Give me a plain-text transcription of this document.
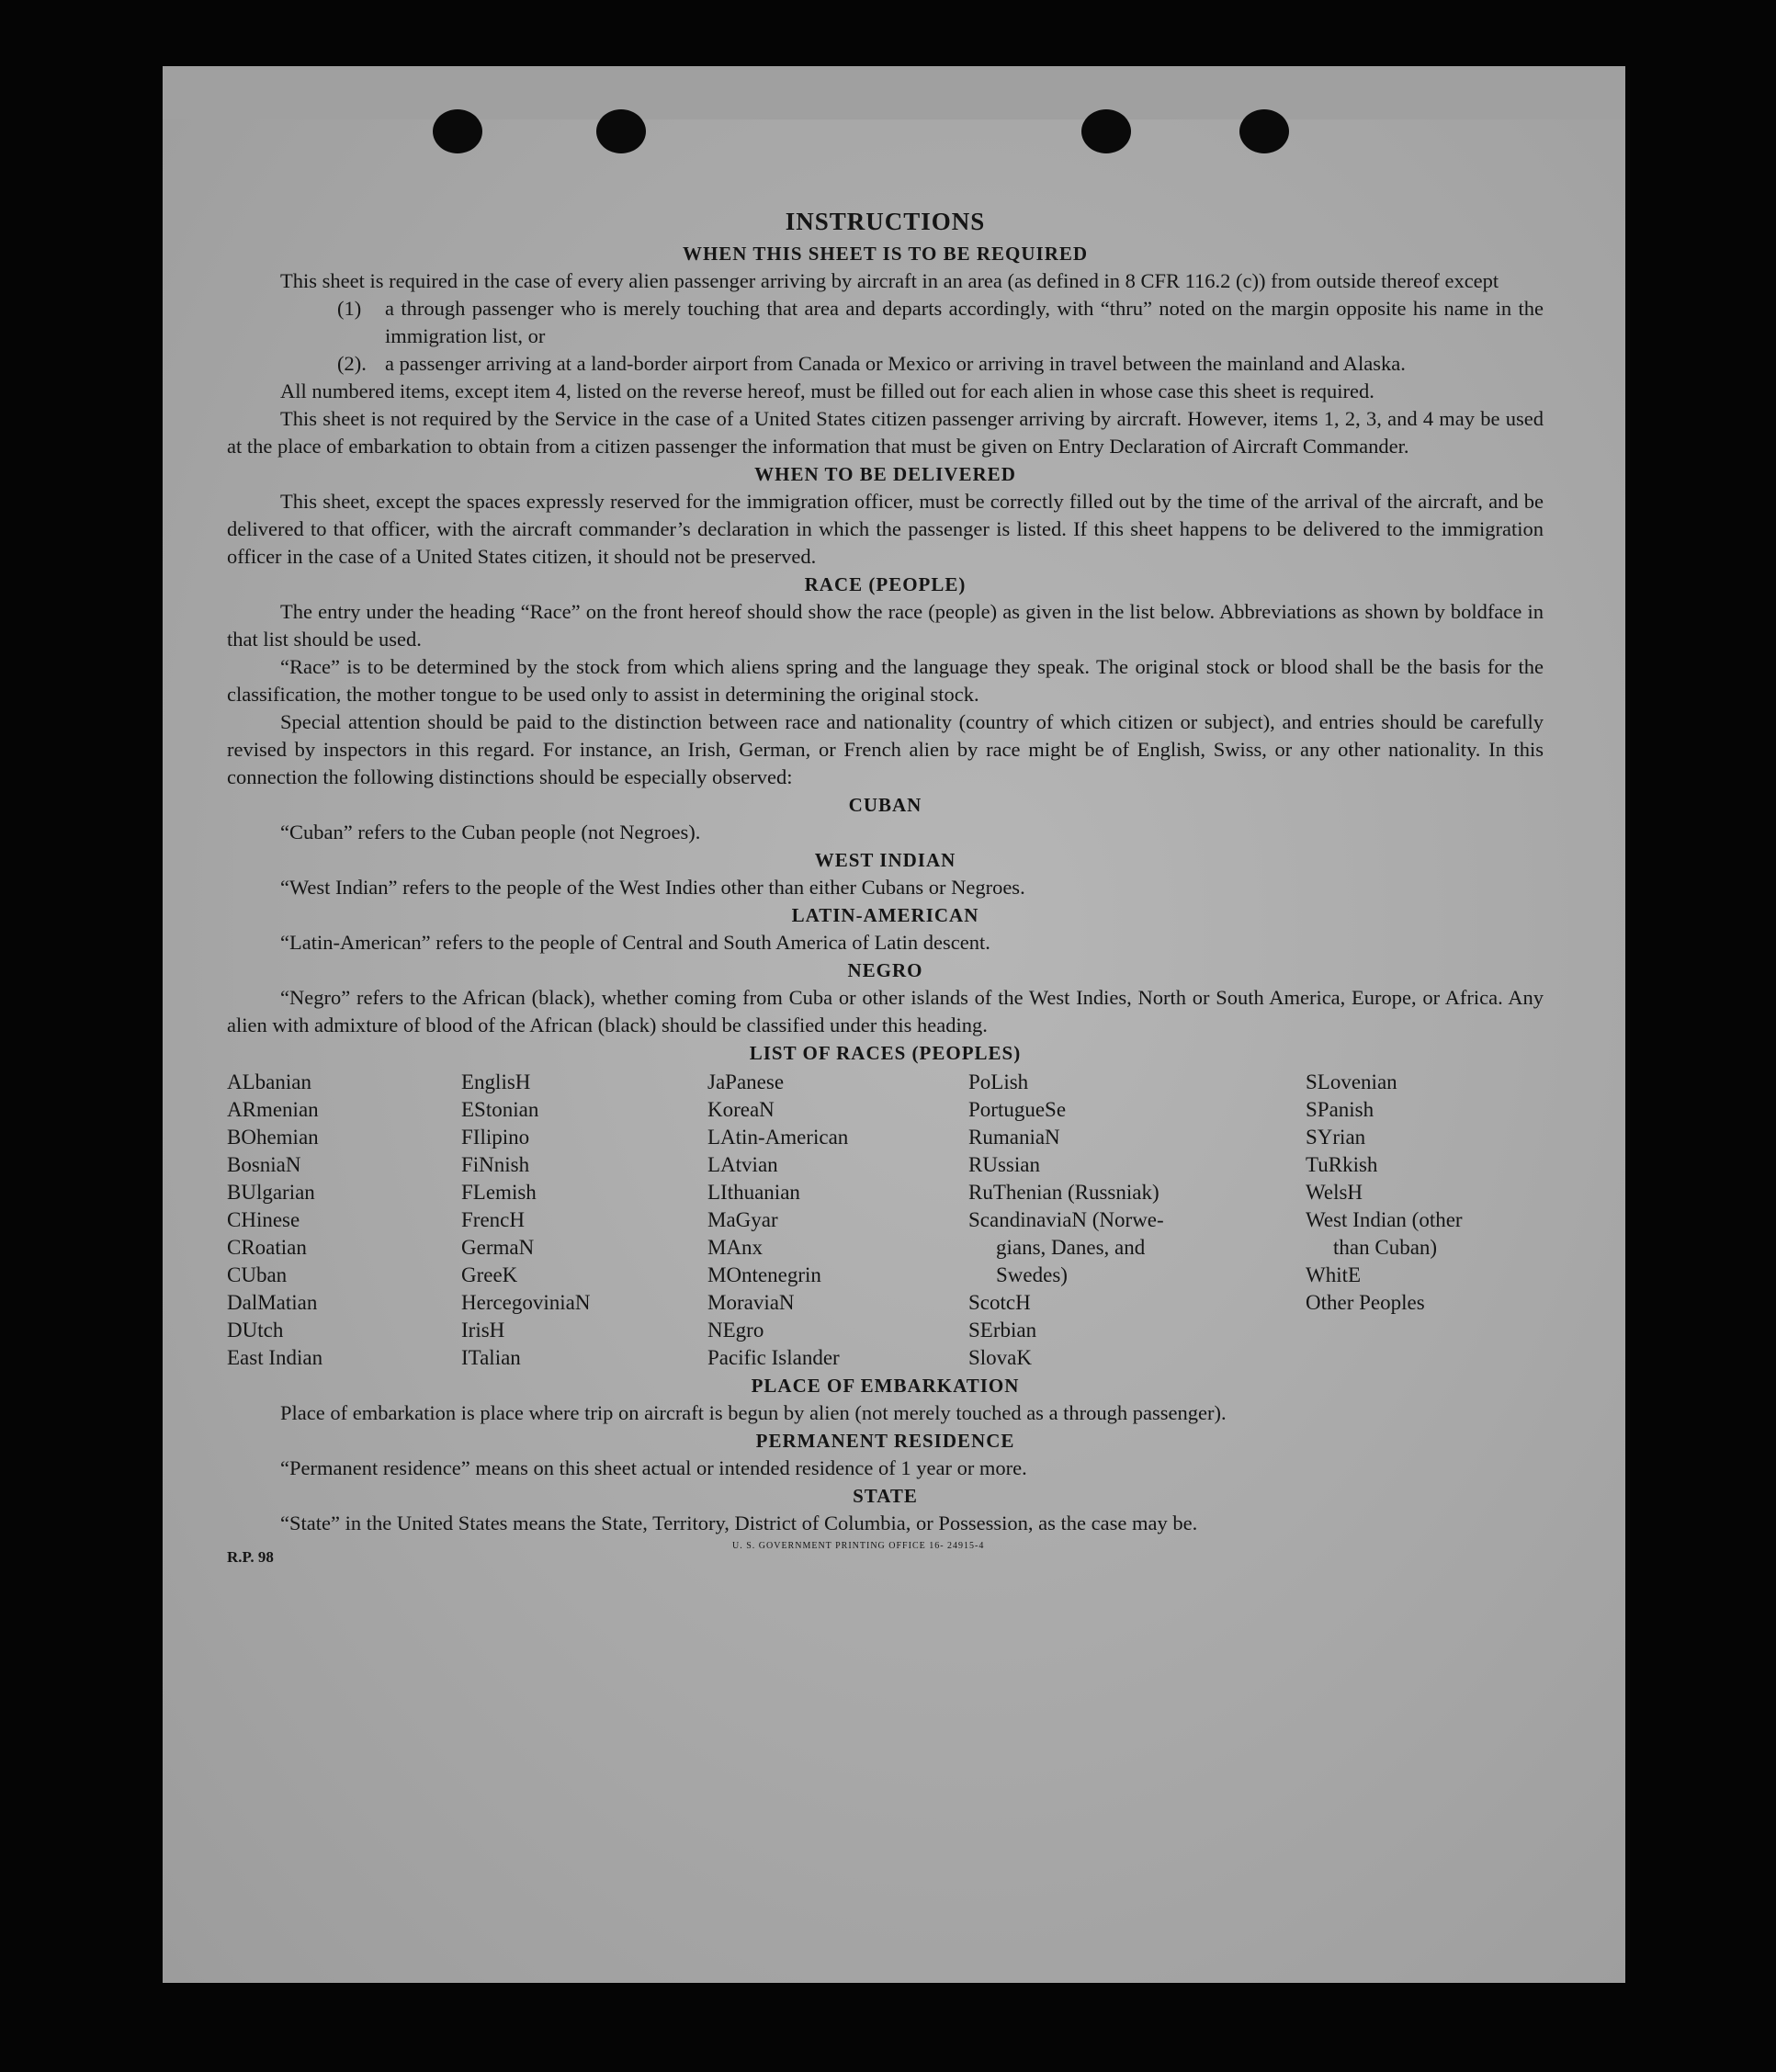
INSTRUCTIONS
WHEN THIS SHEET IS TO BE REQUIRED

This sheet is required in the case of every alien passenger arriving by aircraft in an area (as defined in 8 CFR 116.2 (c)) from outside thereof except

(1)	a through passenger who is merely touching that area and departs accordingly, with “thru” noted on the margin opposite his name in the immigration list, or
(2). a passenger arriving at a land-border airport from Canada or Mexico or arriving in travel between the mainland and Alaska.

All numbered items, except item 4, listed on the reverse hereof, must be filled out for each alien in whose case this sheet is required.

This sheet is not required by the Service in the case of a United States citizen passenger arriving by aircraft. However, items 1, 2, 3, and 4 may be used at the place of embarkation to obtain from a citizen passenger the information that must be given on Entry Declaration of Aircraft Commander.

WHEN TO BE DELIVERED

This sheet, except the spaces expressly reserved for the immigration officer, must be correctly filled out by the time of the arrival of the aircraft, and be delivered to that officer, with the aircraft commander’s declaration in which the passenger is listed. If this sheet happens to be delivered to the immigration officer in the case of a United States citizen, it should not be preserved.

RACE (PEOPLE)

The entry under the heading “Race” on the front hereof should show the race (people) as given in the list below. Abbreviations as shown by boldface in that list should be used.

“Race” is to be determined by the stock from which aliens spring and the language they speak. The original stock or blood shall be the basis for the classification, the mother tongue to be used only to assist in determining the original stock.

Special attention should be paid to the distinction between race and nationality (country of which citizen or subject), and entries should be carefully revised by inspectors in this regard. For instance, an Irish, German, or French alien by race might be of English, Swiss, or any other nationality. In this connection the following distinctions should be especially observed:

CUBAN

“Cuban” refers to the Cuban people (not Negroes).

WEST INDIAN

“West Indian” refers to the people of the West Indies other than either Cubans or Negroes.

LATIN-AMERICAN

“Latin-American” refers to the people of Central and South America of Latin descent.

NEGRO

“Negro” refers to the African (black), whether coming from Cuba or other islands of the West Indies, North or South America, Europe, or Africa. Any alien with admixture of blood of the African (black) should be classified under this heading.

LIST OF RACES (PEOPLES)
ALbanian
ARmenian
BOhemian
BosniaN
BUlgarian
CHinese
CRoatian
CUban
DalMatian
DUtch
East Indian
EnglisH
EStonian
FIlipino
FiNnish
FLemish
FrencH
GermaN
GreeK
HercegoviniaN
IrisH
ITalian
JaPanese
KoreaN
LAtin-American
LAtvian
LIthuanian
MaGyar
MAnx
MOntenegrin
MoraviaN
NEgro
Pacific Islander
PoLish
PortugueSe
RumaniaN
RUssian
RuThenian (Russniak)
ScandinaviaN (Norwe-
gians, Danes, and
Swedes)
ScotcH
SErbian
SlovaK
SLovenian
SPanish
SYrian
TuRkish
WelsH
West Indian (other
than Cuban)
WhitE
Other Peoples
PLACE OF EMBARKATION

Place of embarkation is place where trip on aircraft is begun by alien (not merely touched as a through passenger).

PERMANENT RESIDENCE

“Permanent residence” means on this sheet actual or intended residence of 1 year or more.

STATE

“State” in the United States means the State, Territory, District of Columbia, or Possession, as the case may be.

R.P. 98
U. S. GOVERNMENT PRINTING OFFICE 16- 24915-4
